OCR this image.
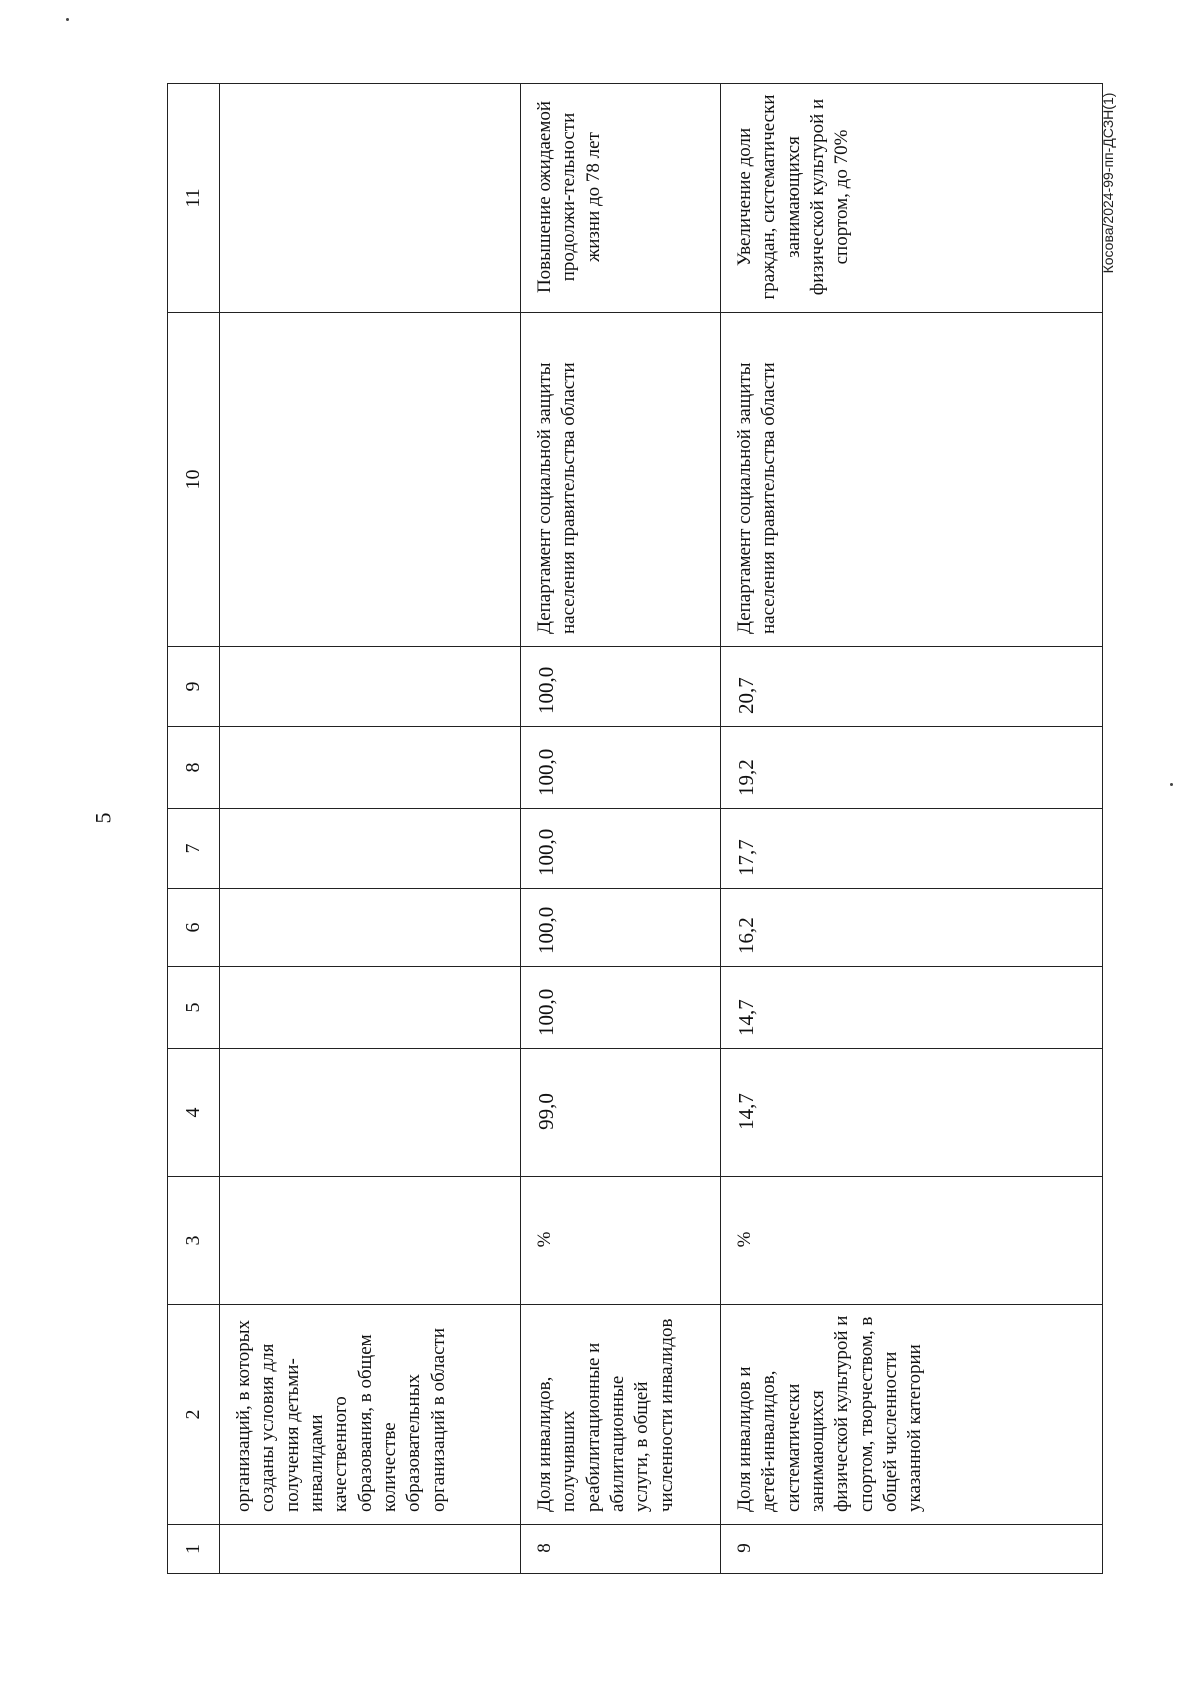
5
Косова/2024-99-пп-ДСЗН(1)
1	2	3	4	5	6	7	8	9	10	11
	организаций, в которых созданы условия для получения детьми-инвалидами качественного образования, в общем количестве образовательных организаций в области									
8	Доля инвалидов, получивших реабилитационные и абилитационные услуги, в общей численности инвалидов	%	99,0	100,0	100,0	100,0	100,0	100,0	Департамент социальной защиты населения правительства области	Повышение ожидаемой продолжи-тельности жизни до 78 лет
9	Доля инвалидов и детей-инвалидов, систематически занимающихся физической культурой и спортом, творчеством, в общей численности указанной категории	%	14,7	14,7	16,2	17,7	19,2	20,7	Департамент социальной защиты населения правительства области	Увеличение доли граждан, систематически занимающихся физической культурой и спортом, до 70%
